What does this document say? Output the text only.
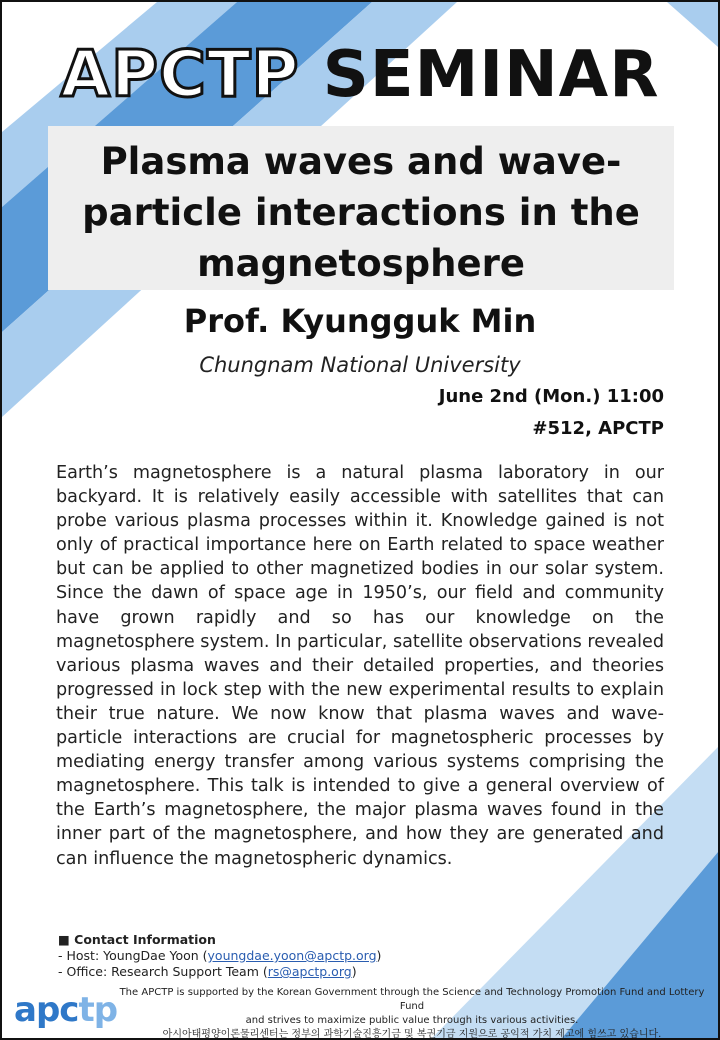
APCTP SEMINAR
Plasma waves and wave-particle interactions in the magnetosphere
Prof. Kyungguk Min
Chungnam National University
June 2nd (Mon.) 11:00
#512, APCTP
Earth’s magnetosphere is a natural plasma laboratory in our backyard. It is relatively easily accessible with satellites that can probe various plasma processes within it. Knowledge gained is not only of practical importance here on Earth related to space weather but can be applied to other magnetized bodies in our solar system. Since the dawn of space age in 1950’s, our field and community have grown rapidly and so has our knowledge on the magnetosphere system. In particular, satellite observations revealed various plasma waves and their detailed properties, and theories progressed in lock step with the new experimental results to explain their true nature. We now know that plasma waves and wave-particle interactions are crucial for magnetospheric processes by mediating energy transfer among various systems comprising the magnetosphere. This talk is intended to give a general overview of the Earth’s magnetosphere, the major plasma waves found in the inner part of the magnetosphere, and how they are generated and can influence the magnetospheric dynamics.
■ Contact Information
- Host: YoungDae Yoon (youngdae.yoon@apctp.org)
- Office: Research Support Team (rs@apctp.org)
apctp The APCTP is supported by the Korean Government through the Science and Technology Promotion Fund and Lottery Fund
and strives to maximize public value through its various activities.
아시아태평양이론물리센터는 정부의 과학기술진흥기금 및 복권기금 지원으로 공익적 가치 제고에 힘쓰고 있습니다.
